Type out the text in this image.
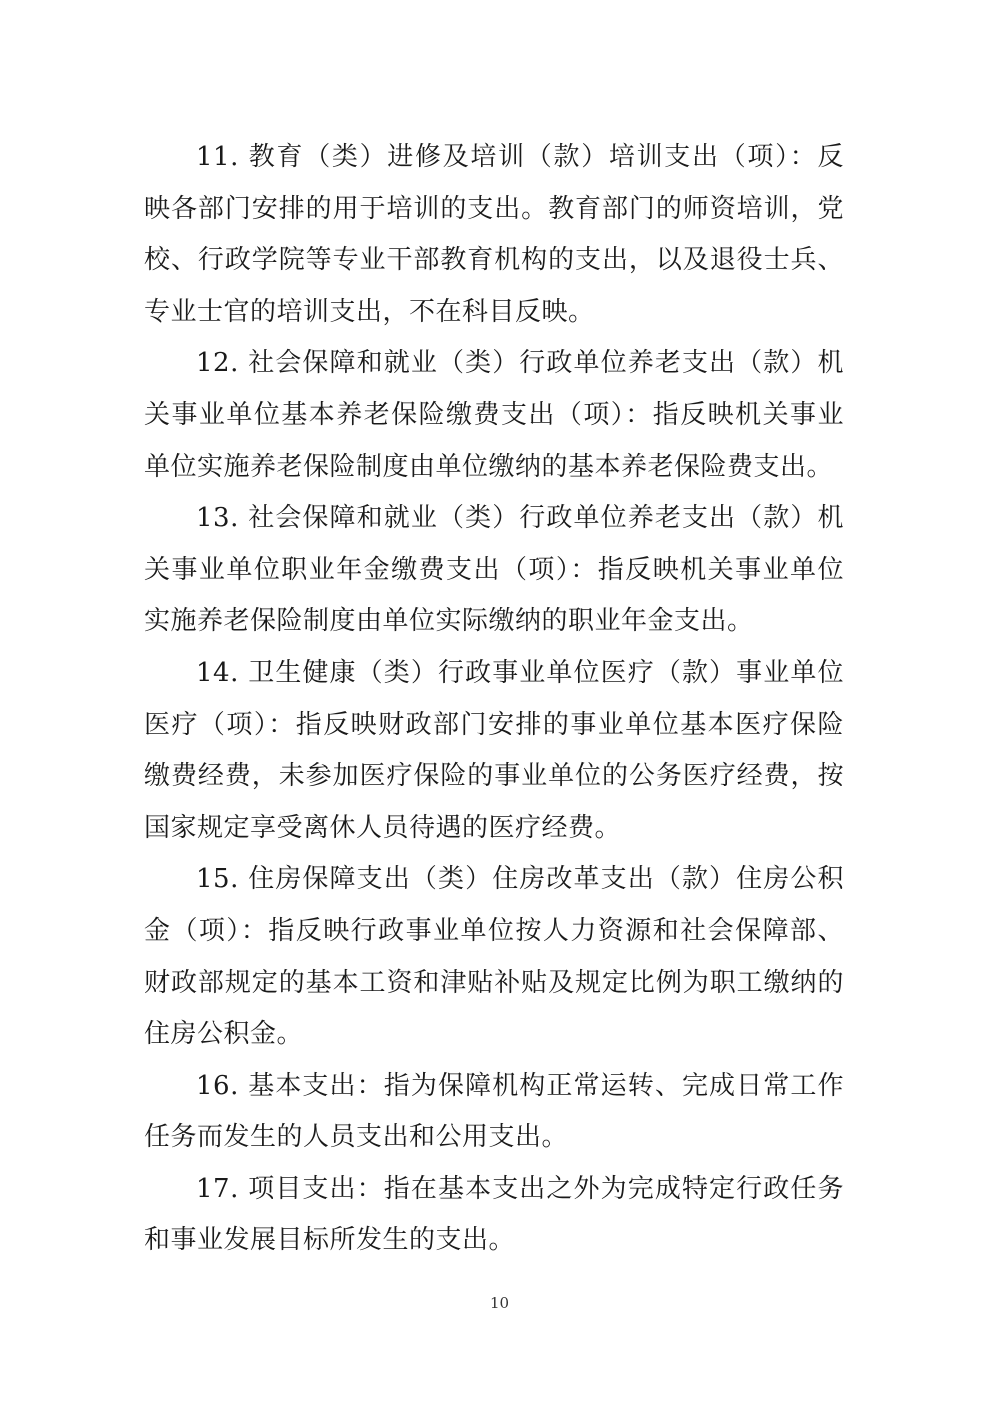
11. 教育（类）进修及培训（款）培训支出（项）：反映各部门安排的用于培训的支出。教育部门的师资培训，党校、行政学院等专业干部教育机构的支出，以及退役士兵、专业士官的培训支出，不在科目反映。

12. 社会保障和就业（类）行政单位养老支出（款）机关事业单位基本养老保险缴费支出（项）：指反映机关事业单位实施养老保险制度由单位缴纳的基本养老保险费支出。

13. 社会保障和就业（类）行政单位养老支出（款）机关事业单位职业年金缴费支出（项）：指反映机关事业单位实施养老保险制度由单位实际缴纳的职业年金支出。

14. 卫生健康（类）行政事业单位医疗（款）事业单位医疗（项）：指反映财政部门安排的事业单位基本医疗保险缴费经费，未参加医疗保险的事业单位的公务医疗经费，按国家规定享受离休人员待遇的医疗经费。

15. 住房保障支出（类）住房改革支出（款）住房公积金（项）：指反映行政事业单位按人力资源和社会保障部、财政部规定的基本工资和津贴补贴及规定比例为职工缴纳的住房公积金。

16. 基本支出：指为保障机构正常运转、完成日常工作任务而发生的人员支出和公用支出。

17. 项目支出：指在基本支出之外为完成特定行政任务和事业发展目标所发生的支出。

10
